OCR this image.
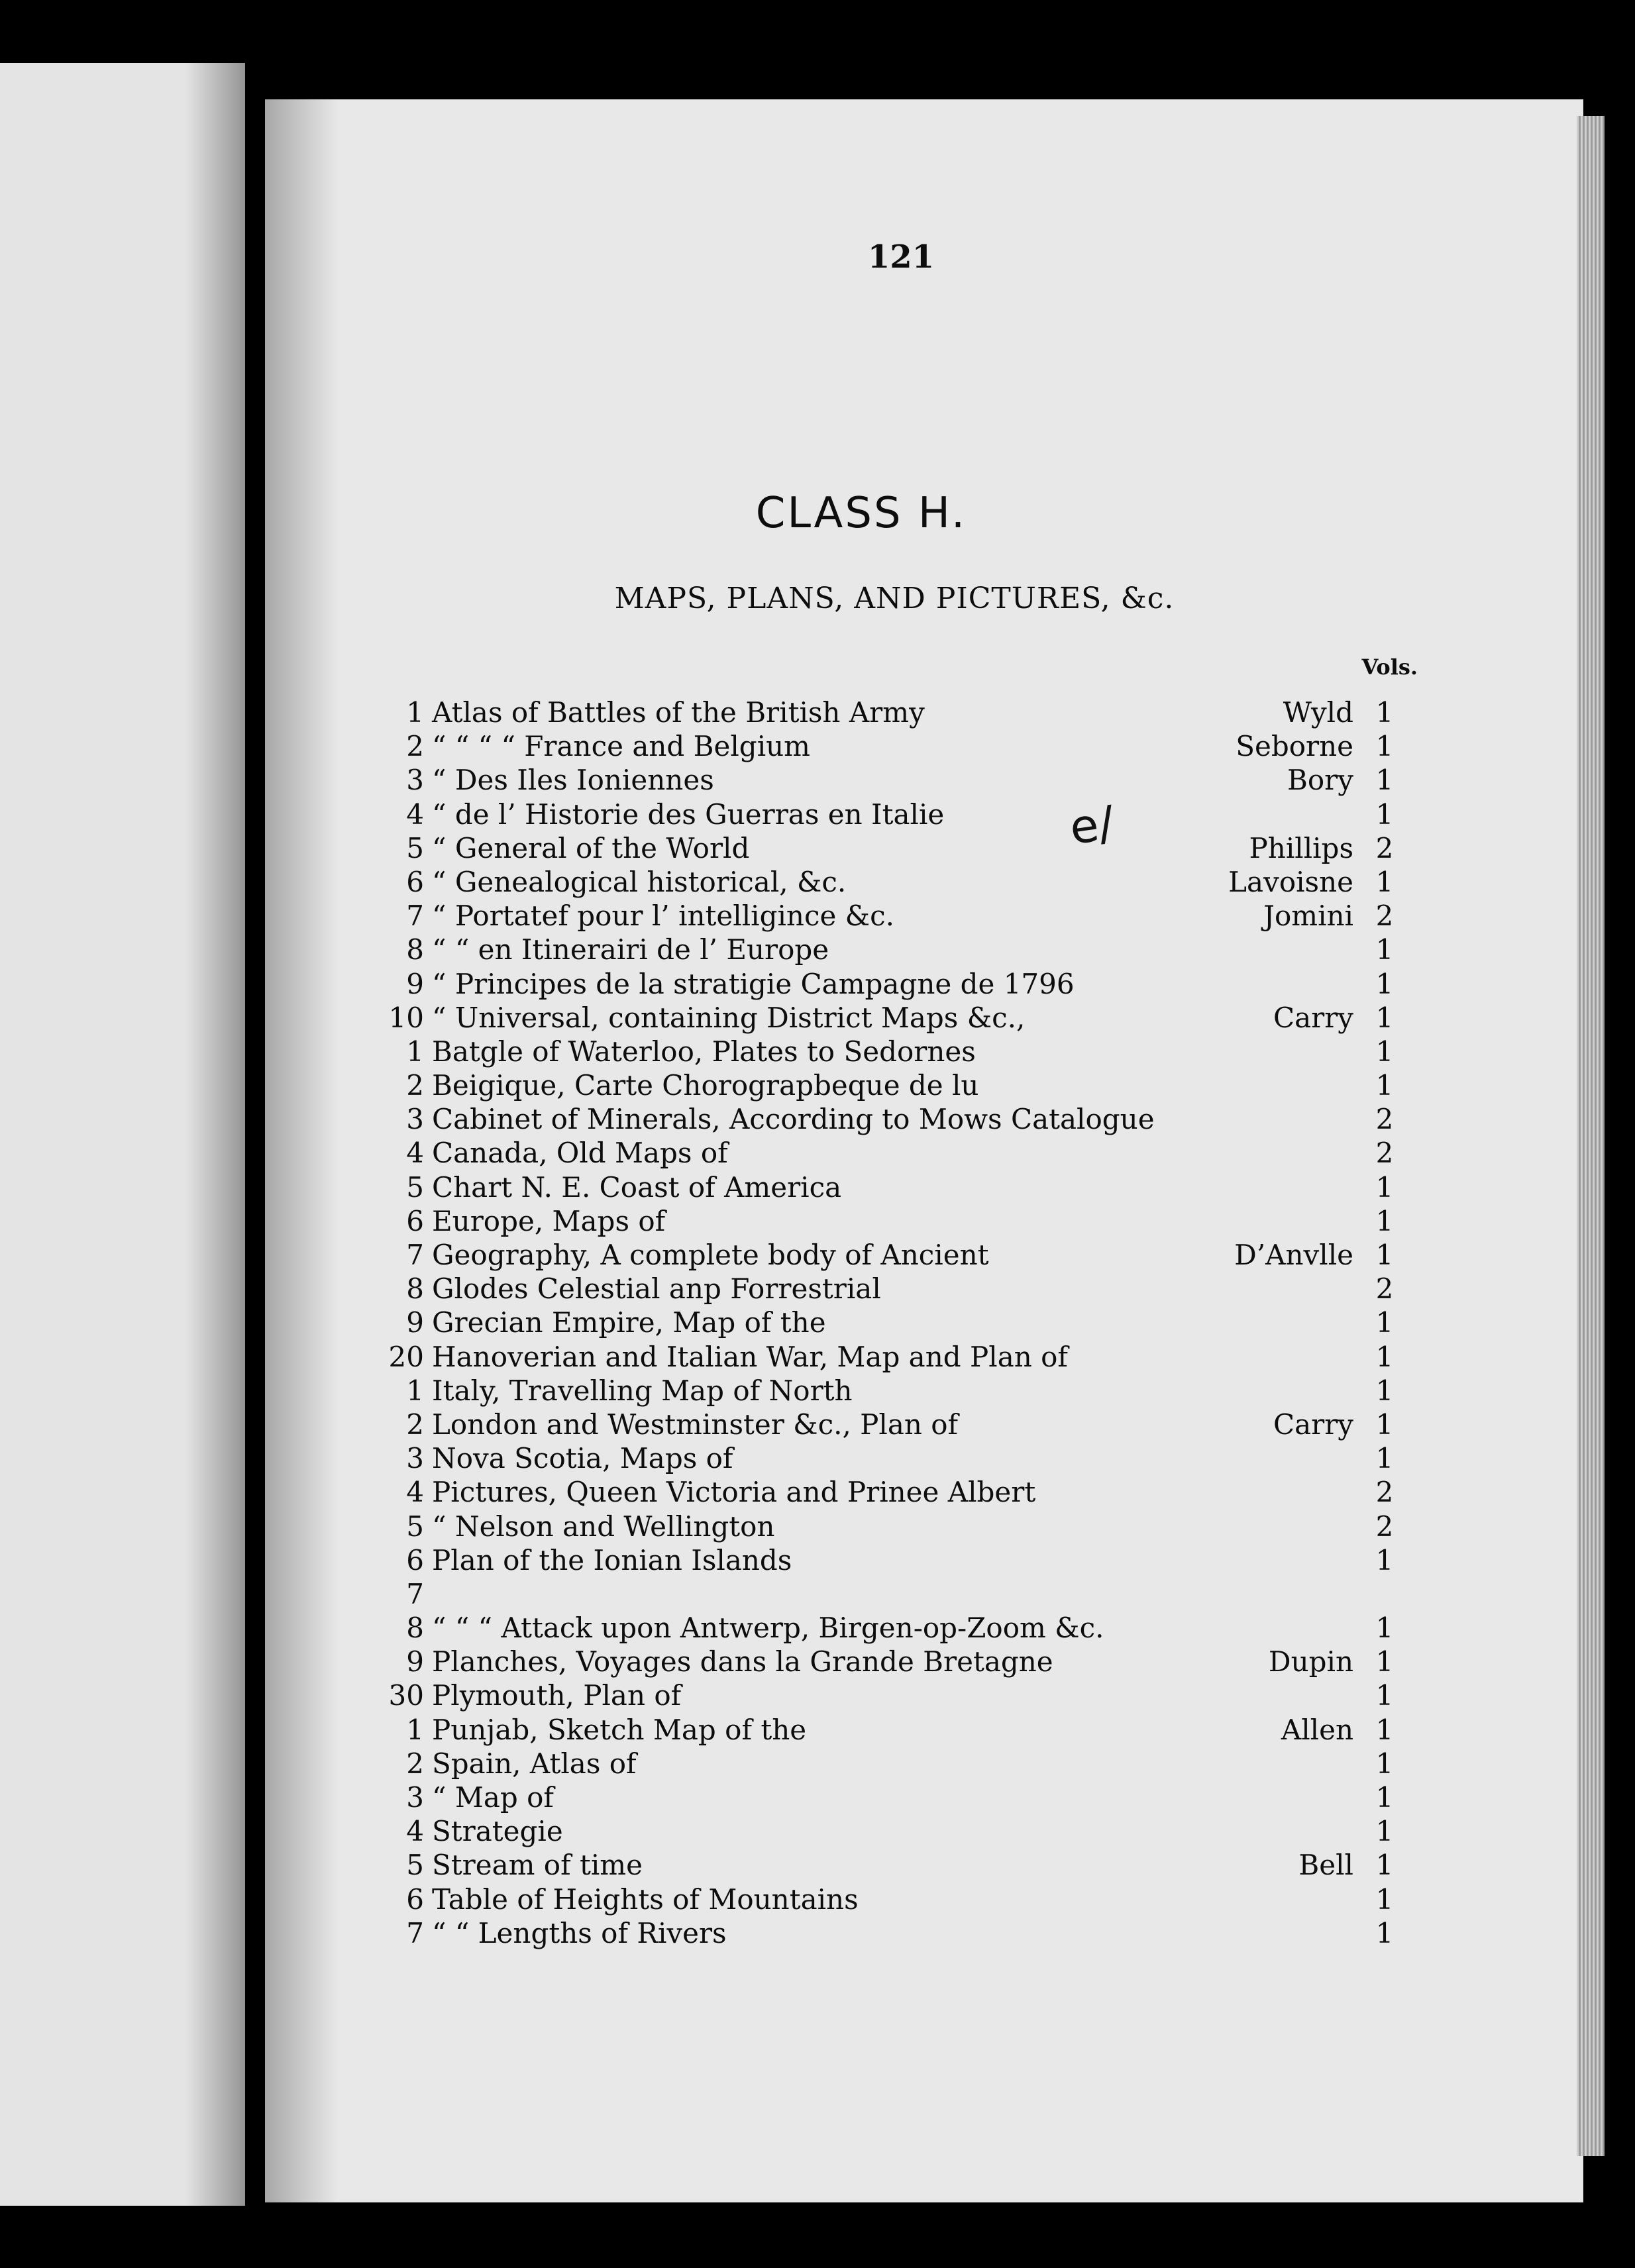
121
CLASS H.
MAPS, PLANS, AND PICTURES, &c.
Vols.
e/
1 Atlas of Battles of the British Army	Wyld 1
2 “ “ “ “ France and Belgium	Seborne 1
3 “ Des Iles Ioniennes	Bory 1
4 “ de l’ Historie des Guerras en Italie	1
5 “ General of the World	Phillips 2
6 “ Genealogical historical, &c.	Lavoisne 1
7 “ Portatef pour l’ intelligince &c.	Jomini 2
8 “ “ en Itinerairi de l’ Europe	1
9 “ Principes de la stratigie Campagne de 1796	1
10 “ Universal, containing District Maps &c.,	Carry 1
1 Batgle of Waterloo, Plates to Sedornes	1
2 Beigique, Carte Chorograpbeque de lu	1
3 Cabinet of Minerals, According to Mows Catalogue	2
4 Canada, Old Maps of	2
5 Chart N. E. Coast of America	1
6 Europe, Maps of	1
7 Geography, A complete body of Ancient	D’Anvlle 1
8 Glodes Celestial anp Forrestrial	2
9 Grecian Empire, Map of the	1
20 Hanoverian and Italian War, Map and Plan of	1
1 Italy, Travelling Map of North	1
2 London and Westminster &c., Plan of	Carry 1
3 Nova Scotia, Maps of	1
4 Pictures, Queen Victoria and Prinee Albert	2
5 “ Nelson and Wellington	2
6 Plan of the Ionian Islands	1
7
8 “ “ “ Attack upon Antwerp, Birgen-op-Zoom &c.	1
9 Planches, Voyages dans la Grande Bretagne	Dupin 1
30 Plymouth, Plan of	1
1 Punjab, Sketch Map of the	Allen 1
2 Spain, Atlas of	1
3 “ Map of	1
4 Strategie	1
5 Stream of time	Bell 1
6 Table of Heights of Mountains	1
7 “ “ Lengths of Rivers	1
